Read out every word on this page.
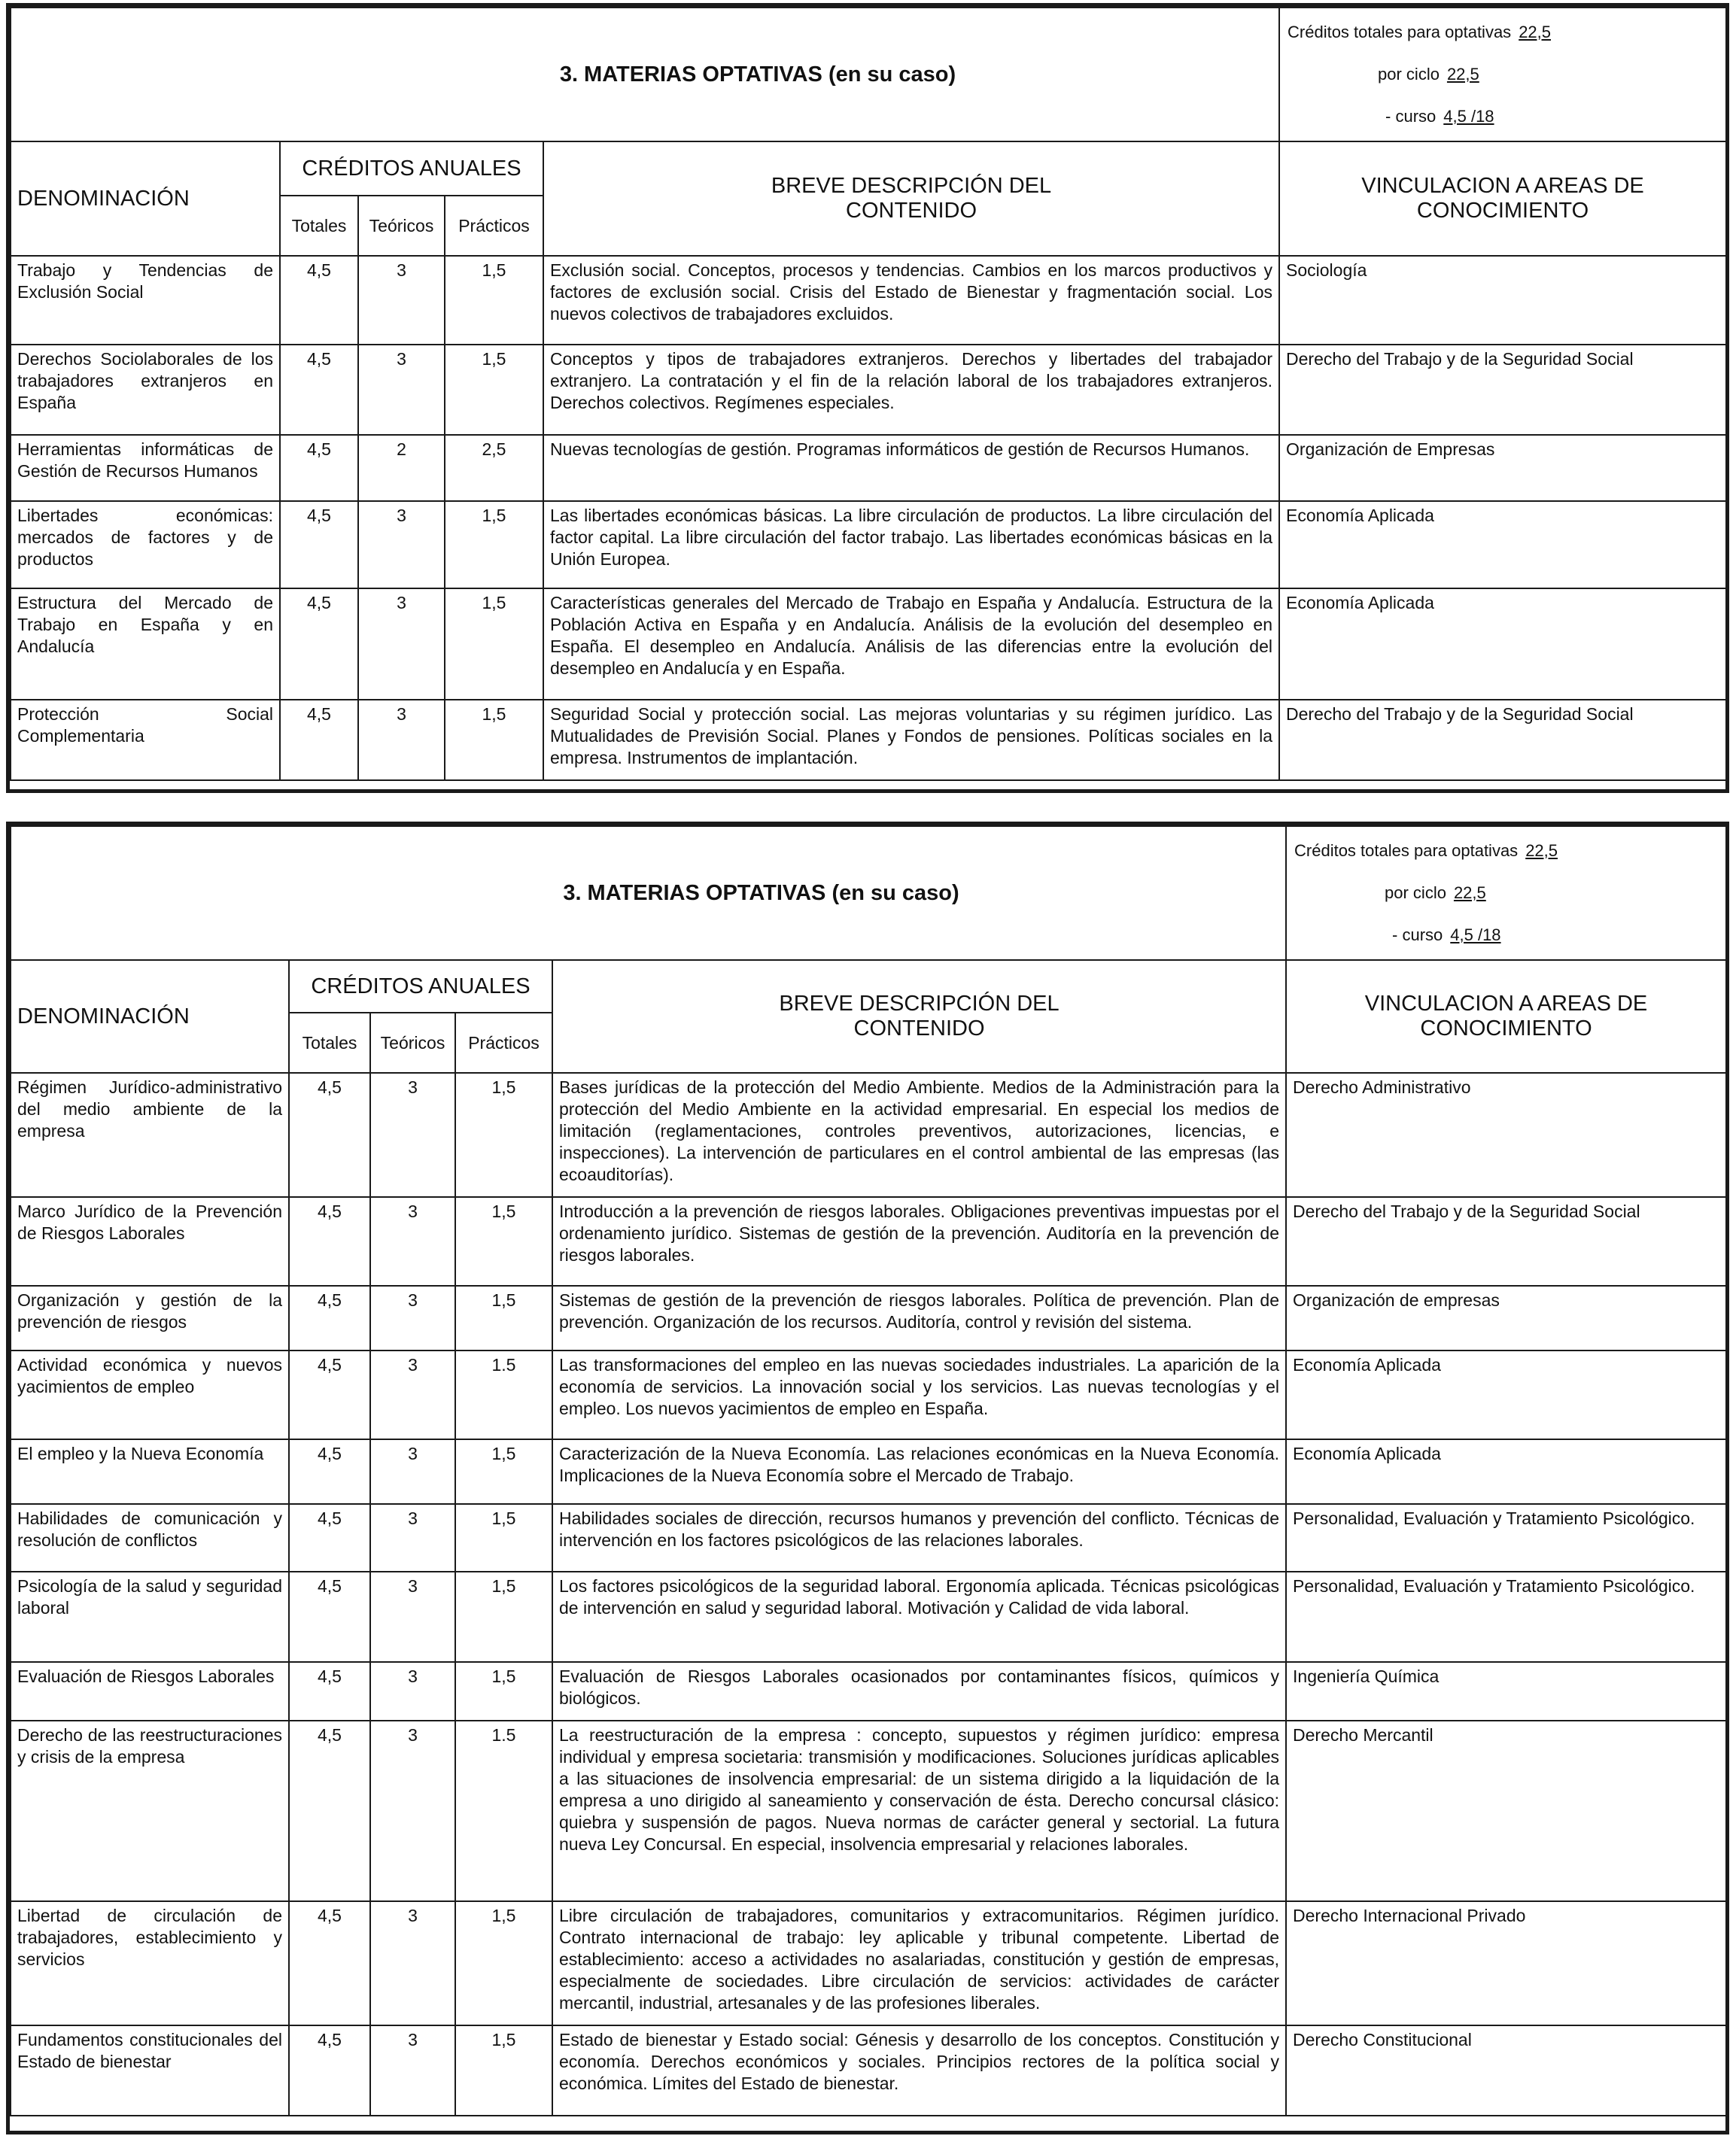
3. MATERIAS OPTATIVAS (en su caso)					Créditos totales para optativas 22,5
por ciclo 22,5
- curso 4,5 /18

DENOMINACIÓN	CRÉDITOS ANUALES			BREVE DESCRIPCIÓN DEL CONTENIDO	VINCULACION A AREAS DE CONOCIMIENTO
	Totales	Teóricos	Prácticos		
Trabajo y Tendencias de Exclusión Social	4,5	3	1,5	Exclusión social. Conceptos, procesos y tendencias. Cambios en los marcos productivos y factores de exclusión social. Crisis del Estado de Bienestar y fragmentación social. Los nuevos colectivos de trabajadores excluidos.	Sociología
Derechos Sociolaborales de los trabajadores extranjeros en España	4,5	3	1,5	Conceptos y tipos de trabajadores extranjeros. Derechos y libertades del trabajador extranjero. La contratación y el fin de la relación laboral de los trabajadores extranjeros. Derechos colectivos. Regímenes especiales.	Derecho del Trabajo y de la Seguridad Social
Herramientas informáticas de Gestión de Recursos Humanos	4,5	2	2,5	Nuevas tecnologías de gestión. Programas informáticos de gestión de Recursos Humanos.	Organización de Empresas
Libertades económicas: mercados de factores y de productos	4,5	3	1,5	Las libertades económicas básicas. La libre circulación de productos. La libre circulación del factor capital. La libre circulación del factor trabajo. Las libertades económicas básicas en la Unión Europea.	Economía Aplicada
Estructura del Mercado de Trabajo en España y en Andalucía	4,5	3	1,5	Características generales del Mercado de Trabajo en España y Andalucía. Estructura de la Población Activa en España y en Andalucía. Análisis de la evolución del desempleo en España. El desempleo en Andalucía. Análisis de las diferencias entre la evolución del desempleo en Andalucía y en España.	Economía Aplicada
Protección Social Complementaria	4,5	3	1,5	Seguridad Social y protección social. Las mejoras voluntarias y su régimen jurídico. Las Mutualidades de Previsión Social. Planes y Fondos de pensiones. Políticas sociales en la empresa. Instrumentos de implantación.	Derecho del Trabajo y de la Seguridad Social
3. MATERIAS OPTATIVAS (en su caso)					Créditos totales para optativas 22,5
por ciclo 22,5
- curso 4,5 /18

DENOMINACIÓN	CRÉDITOS ANUALES			BREVE DESCRIPCIÓN DEL CONTENIDO	VINCULACION A AREAS DE CONOCIMIENTO
	Totales	Teóricos	Prácticos		
Régimen Jurídico-administrativo del medio ambiente de la empresa	4,5	3	1,5	Bases jurídicas de la protección del Medio Ambiente. Medios de la Administración para la protección del Medio Ambiente en la actividad empresarial. En especial los medios de limitación (reglamentaciones, controles preventivos, autorizaciones, licencias, e inspecciones). La intervención de particulares en el control ambiental de las empresas (las ecoauditorías).	Derecho Administrativo
Marco Jurídico de la Prevención de Riesgos Laborales	4,5	3	1,5	Introducción a la prevención de riesgos laborales. Obligaciones preventivas impuestas por el ordenamiento jurídico. Sistemas de gestión de la prevención. Auditoría en la prevención de riesgos laborales.	Derecho del Trabajo y de la Seguridad Social
Organización y gestión de la prevención de riesgos	4,5	3	1,5	Sistemas de gestión de la prevención de riesgos laborales. Política de prevención. Plan de prevención. Organización de los recursos. Auditoría, control y revisión del sistema.	Organización de empresas
Actividad económica y nuevos yacimientos de empleo	4,5	3	1.5	Las transformaciones del empleo en las nuevas sociedades industriales. La aparición de la economía de servicios. La innovación social y los servicios. Las nuevas tecnologías y el empleo. Los nuevos yacimientos de empleo en España.	Economía Aplicada
El empleo y la Nueva Economía	4,5	3	1,5	Caracterización de la Nueva Economía. Las relaciones económicas en la Nueva Economía. Implicaciones de la Nueva Economía sobre el Mercado de Trabajo.	Economía Aplicada
Habilidades de comunicación y resolución de conflictos	4,5	3	1,5	Habilidades sociales de dirección, recursos humanos y prevención del conflicto. Técnicas de intervención en los factores psicológicos de las relaciones laborales.	Personalidad, Evaluación y Tratamiento Psicológico.
Psicología de la salud y seguridad laboral	4,5	3	1,5	Los factores psicológicos de la seguridad laboral. Ergonomía aplicada. Técnicas psicológicas de intervención en salud y seguridad laboral. Motivación y Calidad de vida laboral.	Personalidad, Evaluación y Tratamiento Psicológico.
Evaluación de Riesgos Laborales	4,5	3	1,5	Evaluación de Riesgos Laborales ocasionados por contaminantes físicos, químicos y biológicos.	Ingeniería Química
Derecho de las reestructuraciones y crisis de la empresa	4,5	3	1.5	La reestructuración de la empresa : concepto, supuestos y régimen jurídico: empresa individual y empresa societaria: transmisión y modificaciones. Soluciones jurídicas aplicables a las situaciones de insolvencia empresarial: de un sistema dirigido a la liquidación de la empresa a uno dirigido al saneamiento y conservación de ésta. Derecho concursal clásico: quiebra y suspensión de pagos. Nueva normas de carácter general y sectorial. La futura nueva Ley Concursal. En especial, insolvencia empresarial y relaciones laborales.	Derecho Mercantil
Libertad de circulación de trabajadores, establecimiento y servicios	4,5	3	1,5	Libre circulación de trabajadores, comunitarios y extracomunitarios. Régimen jurídico. Contrato internacional de trabajo: ley aplicable y tribunal competente. Libertad de establecimiento: acceso a actividades no asalariadas, constitución y gestión de empresas, especialmente de sociedades. Libre circulación de servicios: actividades de carácter mercantil, industrial, artesanales y de las profesiones liberales.	Derecho Internacional Privado
Fundamentos constitucionales del Estado de bienestar	4,5	3	1,5	Estado de bienestar y Estado social: Génesis y desarrollo de los conceptos. Constitución y economía. Derechos económicos y sociales. Principios rectores de la política social y económica. Límites del Estado de bienestar.	Derecho Constitucional
